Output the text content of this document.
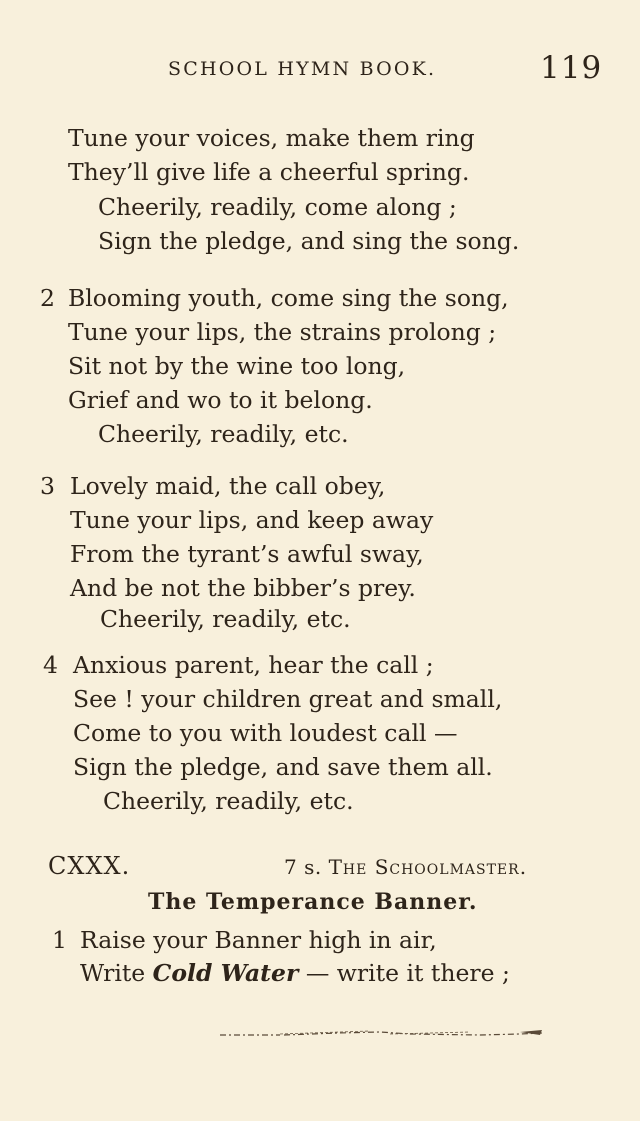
SCHOOL HYMN BOOK.	119
Tune your voices, make them ring
They’ll give life a cheerful spring.
Cheerily, readily, come along ;
Sign the pledge, and sing the song.
2 Blooming youth, come sing the song,
Tune your lips, the strains prolong ;
Sit not by the wine too long,
Grief and wo to it belong.
Cheerily, readily, etc.
3 Lovely maid, the call obey,
Tune your lips, and keep away
From the tyrant’s awful sway,
And be not the bibber’s prey.
Cheerily, readily, etc.
4 Anxious parent, hear the call ;
See ! your children great and small,
Come to you with loudest call —
Sign the pledge, and save them all.
Cheerily, readily, etc.
CXXX.	7 s. The Schoolmaster.
The Temperance Banner.
1 Raise your Banner high in air,
Write Cold Water — write it there ;
